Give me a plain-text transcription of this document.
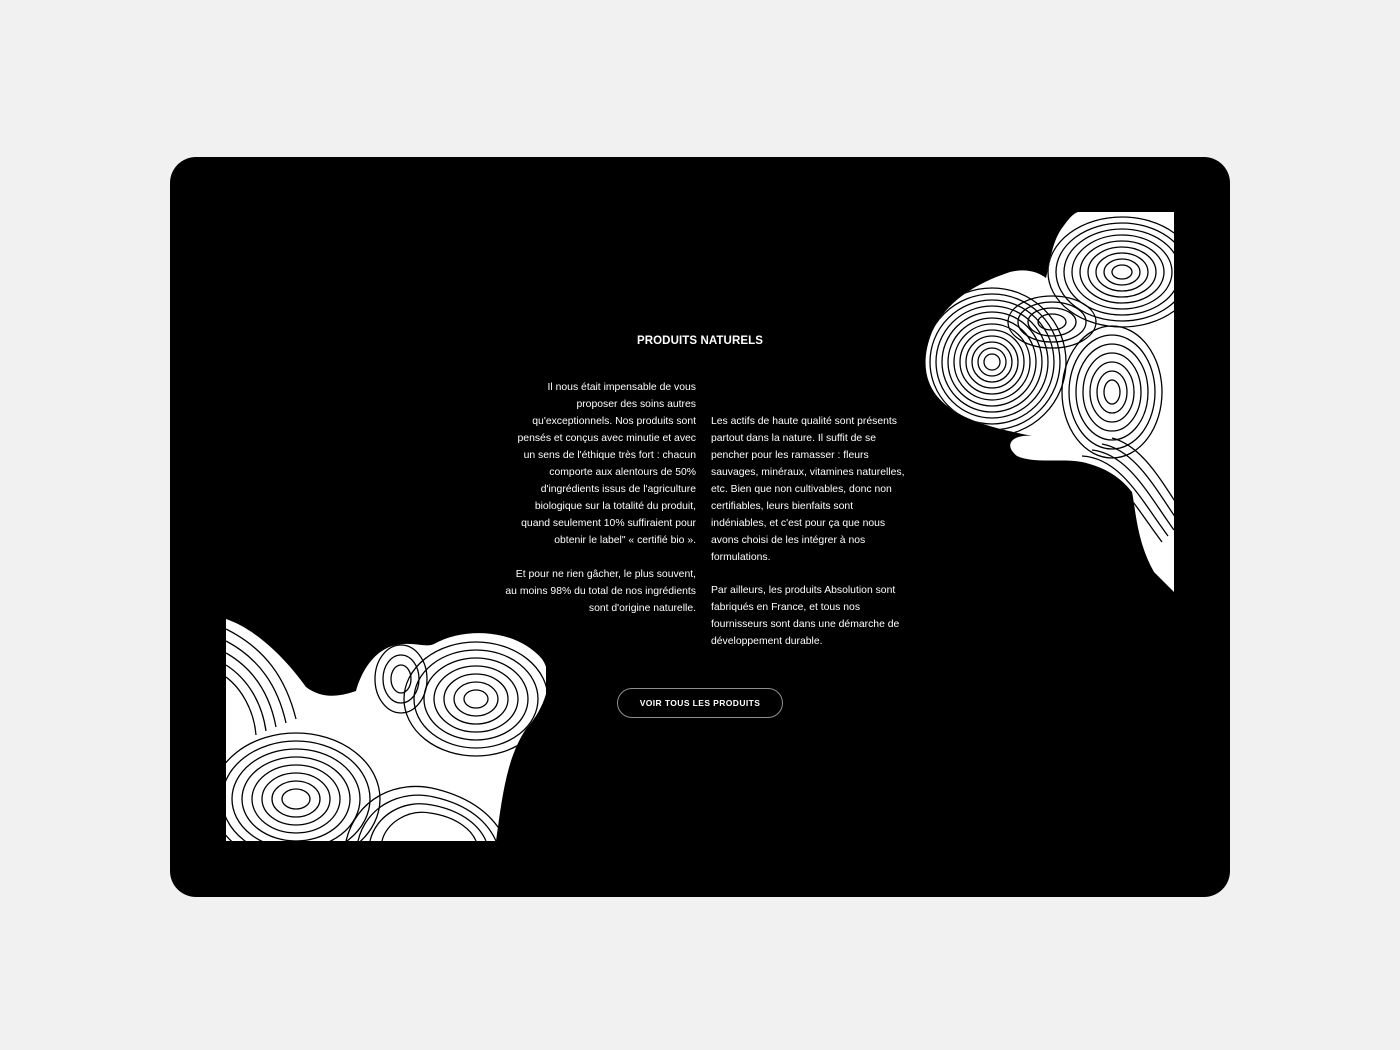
PRODUITS NATURELS

Il nous était impensable de vous
proposer des soins autres
qu'exceptionnels. Nos produits sont
pensés et conçus avec minutie et avec
un sens de l'éthique très fort : chacun
comporte aux alentours de 50%
d'ingrédients issus de l'agriculture
biologique sur la totalité du produit,
quand seulement 10% suffiraient pour
obtenir le label" « certifié bio ».

Et pour ne rien gâcher, le plus souvent,
au moins 98% du total de nos ingrédients
sont d'origine naturelle.

Les actifs de haute qualité sont présents
partout dans la nature. Il suffit de se
pencher pour les ramasser : fleurs
sauvages, minéraux, vitamines naturelles,
etc. Bien que non cultivables, donc non
certifiables, leurs bienfaits sont
indéniables, et c'est pour ça que nous
avons choisi de les intégrer à nos
formulations.

Par ailleurs, les produits Absolution sont
fabriqués en France, et tous nos
fournisseurs sont dans une démarche de
développement durable.

VOIR TOUS LES PRODUITS
